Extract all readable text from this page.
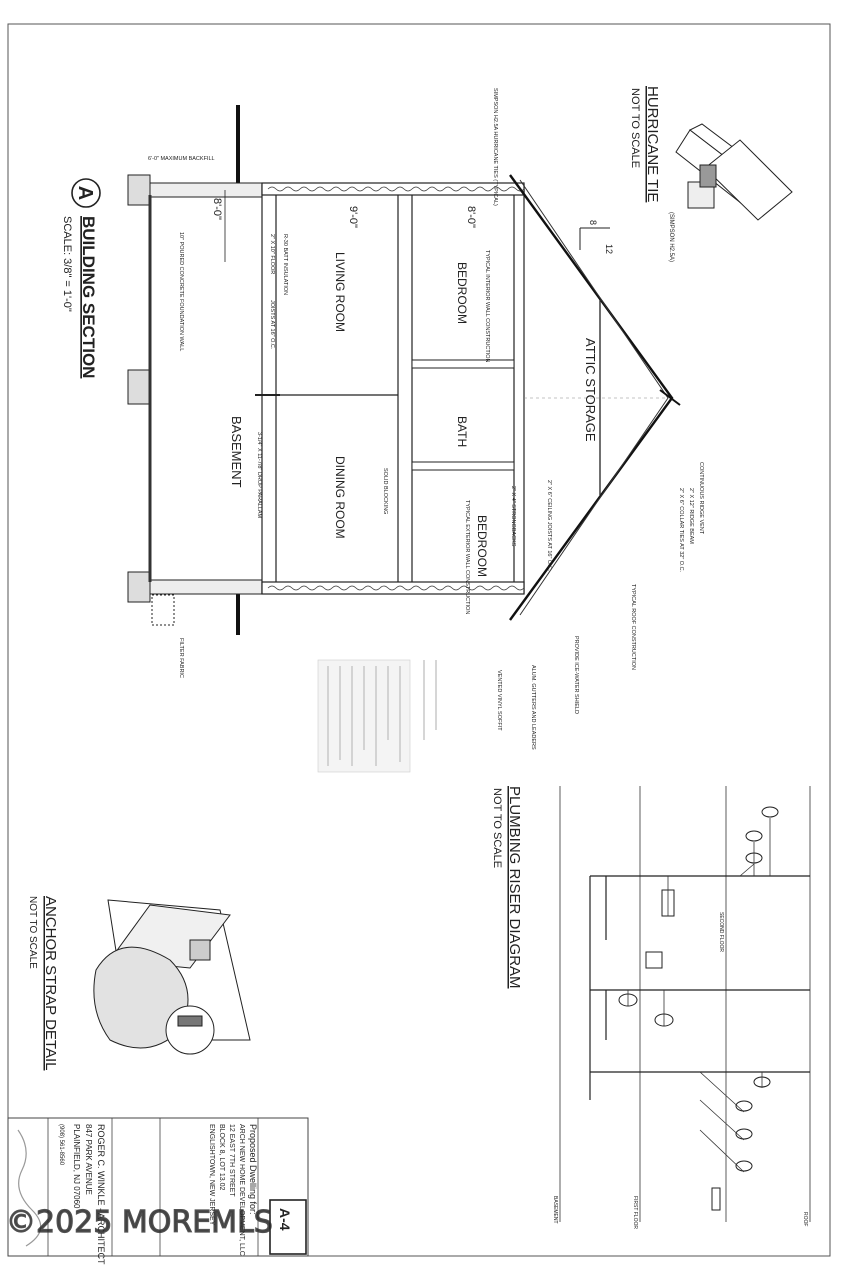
A
BUILDING SECTION
SCALE: 3/8" = 1'-0"	8
12
8'-0"	9'-0"	8'-0"
LIVING ROOM
DINING ROOM
BEDROOM
BATH
BEDROOM
ATTIC STORAGE
BASEMENT
R-30 BATT INSULATION
2" X 10" FLOOR
JOISTS AT 16" O.C.
CONTINUOUS RIDGE VENT
2" X 12" RIDGE BEAM
2" X 6" COLLAR TIES AT 32" O.C.
TYPICAL ROOF CONSTRUCTION
PROVIDE ICE-WATER SHIELD
ALUM. GUTTERS AND LEADERS
VENTED VINYL SOFFIT
TYPICAL INTERIOR WALL CONSTRUCTION
TYPICAL EXTERIOR WALL CONSTRUCTION
SOLID BLOCKING
3-1/4" X 11-7/8" DROP PARALLAM
10" POURED CONCRETE FOUNDATION WALL
FILTER FABRIC
6'-0" MAXIMUM BACKFILL	SIMPSON H2.5A HURRICANE TIES (TYPICAL)
2" X 4" STRONGBACKS	2" X 6" CEILING JOISTS AT 16" O.C.
HURRICANE TIE
NOT TO SCALE
(SIMPSON H2.5A)
PLUMBING RISER DIAGRAM
NOT TO SCALE
ROOF
SECOND FLOOR
FIRST FLOOR
BASEMENT
ANCHOR STRAP DETAIL
NOT TO SCALE
A-4
Proposed Dwelling for:
ARCH NEW HOME DEVELOPMENT, LLC
12 EAST 7TH STREET
BLOCK 8, LOT 13.02
ENGLISHTOWN, NEW JERSEY
ROGER C. WINKLE - ARCHITECT
847 PARK AVENUE
PLAINFIELD, NJ 07060
(908) 561-8560
©2025 MOREMLS
